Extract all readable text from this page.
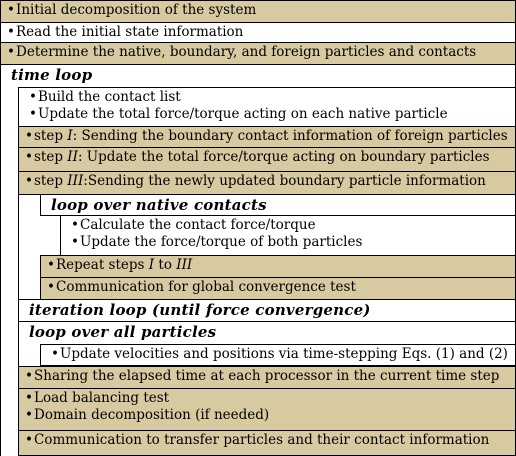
•Initial decomposition of the system
•Read the initial state information
•Determine the native, boundary, and foreign particles and contacts
time loop
•Build the contact list
•Update the total force/torque acting on each native particle
•step I: Sending the boundary contact information of foreign particles
•step II: Update the total force/torque acting on boundary particles
•step III:Sending the newly updated boundary particle information
loop over native contacts
•Calculate the contact force/torque
•Update the force/torque of both particles
•Repeat steps I to III
•Communication for global convergence test
iteration loop (until force convergence)
loop over all particles
•Update velocities and positions via time-stepping Eqs. (1) and (2)
•Sharing the elapsed time at each processor in the current time step
•Load balancing test
•Domain decomposition (if needed)
•Communication to transfer particles and their contact information
